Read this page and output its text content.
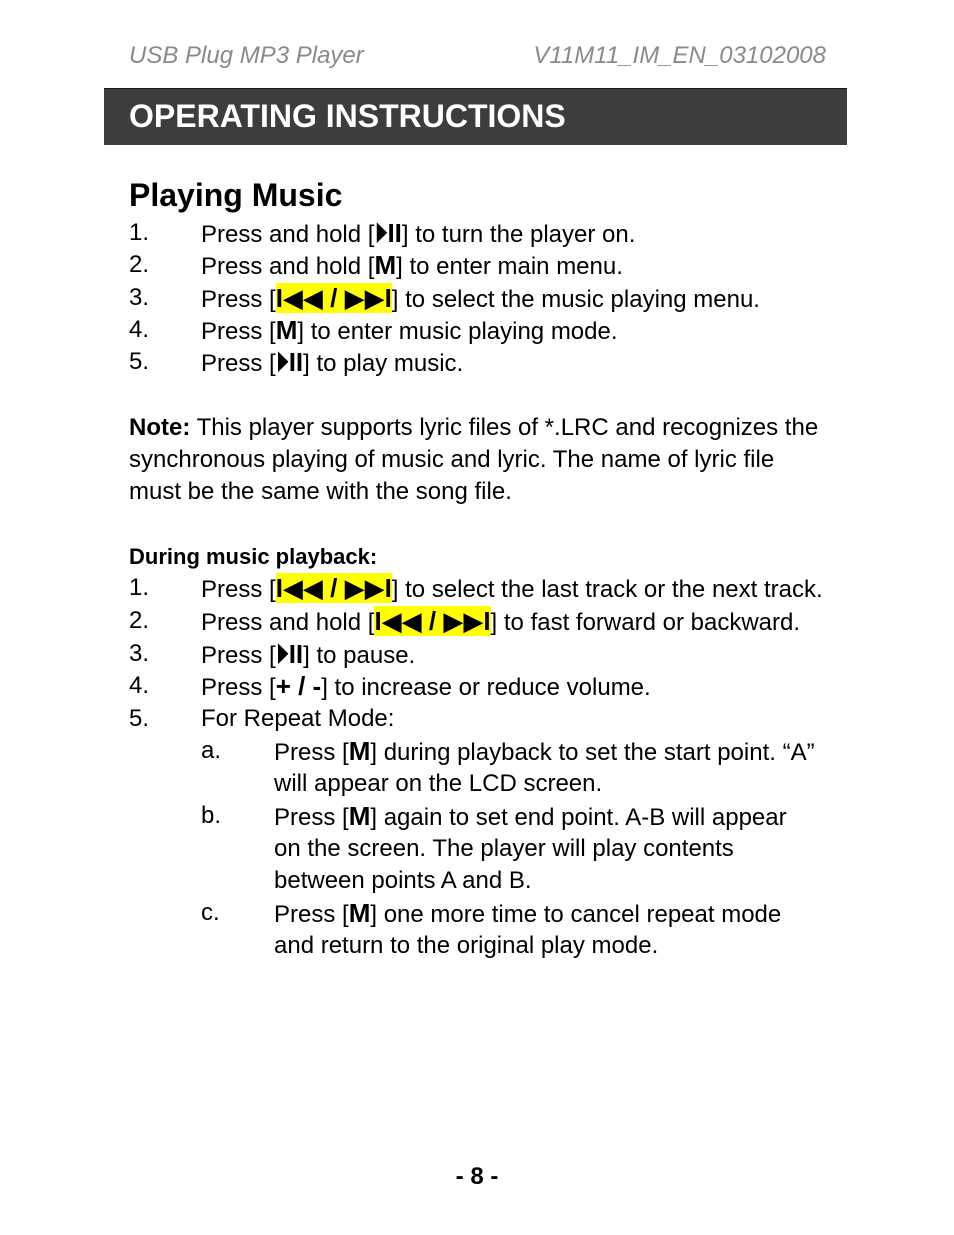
USB Plug MP3 Player	V11M11_IM_EN_03102008
OPERATING INSTRUCTIONS
Playing Music
1. Press and hold [⏵II] to turn the player on.
2. Press and hold [M] to enter main menu.
3. Press [I◀◀ / ▶▶I] to select the music playing menu.
4. Press [M] to enter music playing mode.
5. Press [⏵II] to play music.
Note: This player supports lyric files of *.LRC and recognizes the synchronous playing of music and lyric. The name of lyric file must be the same with the song file.
During music playback:
1. Press [I◀◀ / ▶▶I] to select the last track or the next track.
2. Press and hold [I◀◀ / ▶▶I] to fast forward or backward.
3. Press [⏵II] to pause.
4. Press [+ / -] to increase or reduce volume.
5. For Repeat Mode:
a. Press [M] during playback to set the start point. “A”
will appear on the LCD screen.
b. Press [M] again to set end point. A-B will appear
on the screen. The player will play contents
between points A and B.
c. Press [M] one more time to cancel repeat mode
and return to the original play mode.
- 8 -
